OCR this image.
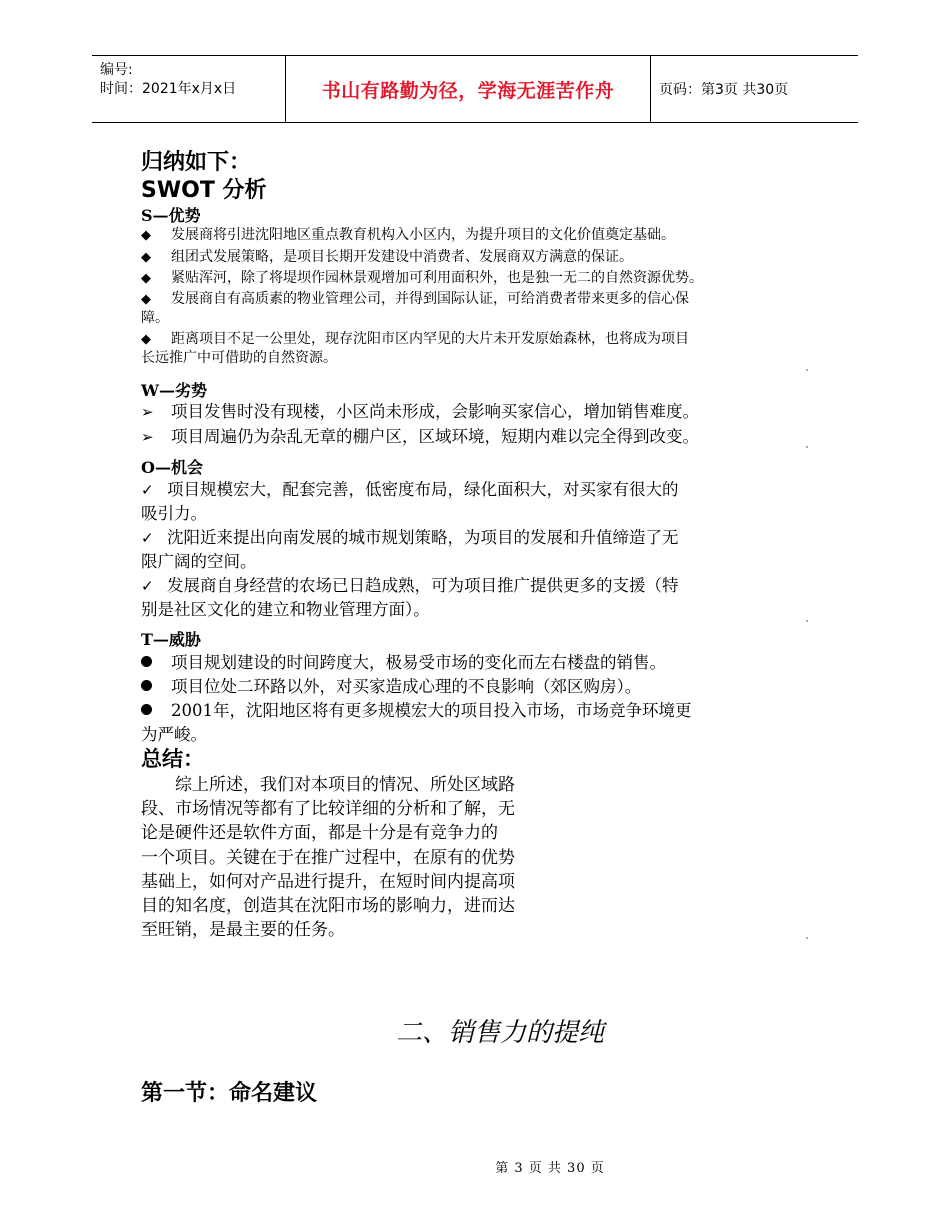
编号:
时间：2021年x月x日	书山有路勤为径，学海无涯苦作舟	页码：第3页 共30页
归纳如下：
SWOT 分析
S—优势
◆ 发展商将引进沈阳地区重点教育机构入小区内，为提升项目的文化价值奠定基础。
◆ 组团式发展策略，是项目长期开发建设中消费者、发展商双方满意的保证。
◆ 紧贴浑河，除了将堤坝作园林景观增加可利用面积外，也是独一无二的自然资源优势。
◆ 发展商自有高质素的物业管理公司，并得到国际认证，可给消费者带来更多的信心保
障。
◆ 距离项目不足一公里处，现存沈阳市区内罕见的大片未开发原始森林，也将成为项目
长远推广中可借助的自然资源。
W—劣势
➢ 项目发售时没有现楼，小区尚未形成，会影响买家信心，增加销售难度。
➢ 项目周遍仍为杂乱无章的棚户区，区域环境，短期内难以完全得到改变。
O—机会
✓ 项目规模宏大，配套完善，低密度布局，绿化面积大，对买家有很大的
吸引力。
✓ 沈阳近来提出向南发展的城市规划策略，为项目的发展和升值缔造了无
限广阔的空间。
✓ 发展商自身经营的农场已日趋成熟，可为项目推广提供更多的支援（特
别是社区文化的建立和物业管理方面）。
T—威胁
项目规划建设的时间跨度大，极易受市场的变化而左右楼盘的销售。
项目位处二环路以外，对买家造成心理的不良影响（郊区购房）。
2001年，沈阳地区将有更多规模宏大的项目投入市场，市场竞争环境更
为严峻。
总结：
　　综上所述，我们对本项目的情况、所处区域路
段、市场情况等都有了比较详细的分析和了解，无
论是硬件还是软件方面，都是十分是有竞争力的
一个项目。关键在于在推广过程中，在原有的优势
基础上，如何对产品进行提升，在短时间内提高项
目的知名度，创造其在沈阳市场的影响力，进而达
至旺销，是最主要的任务。
二、销售力的提纯
第一节：命名建议
第 3 页 共 30 页
